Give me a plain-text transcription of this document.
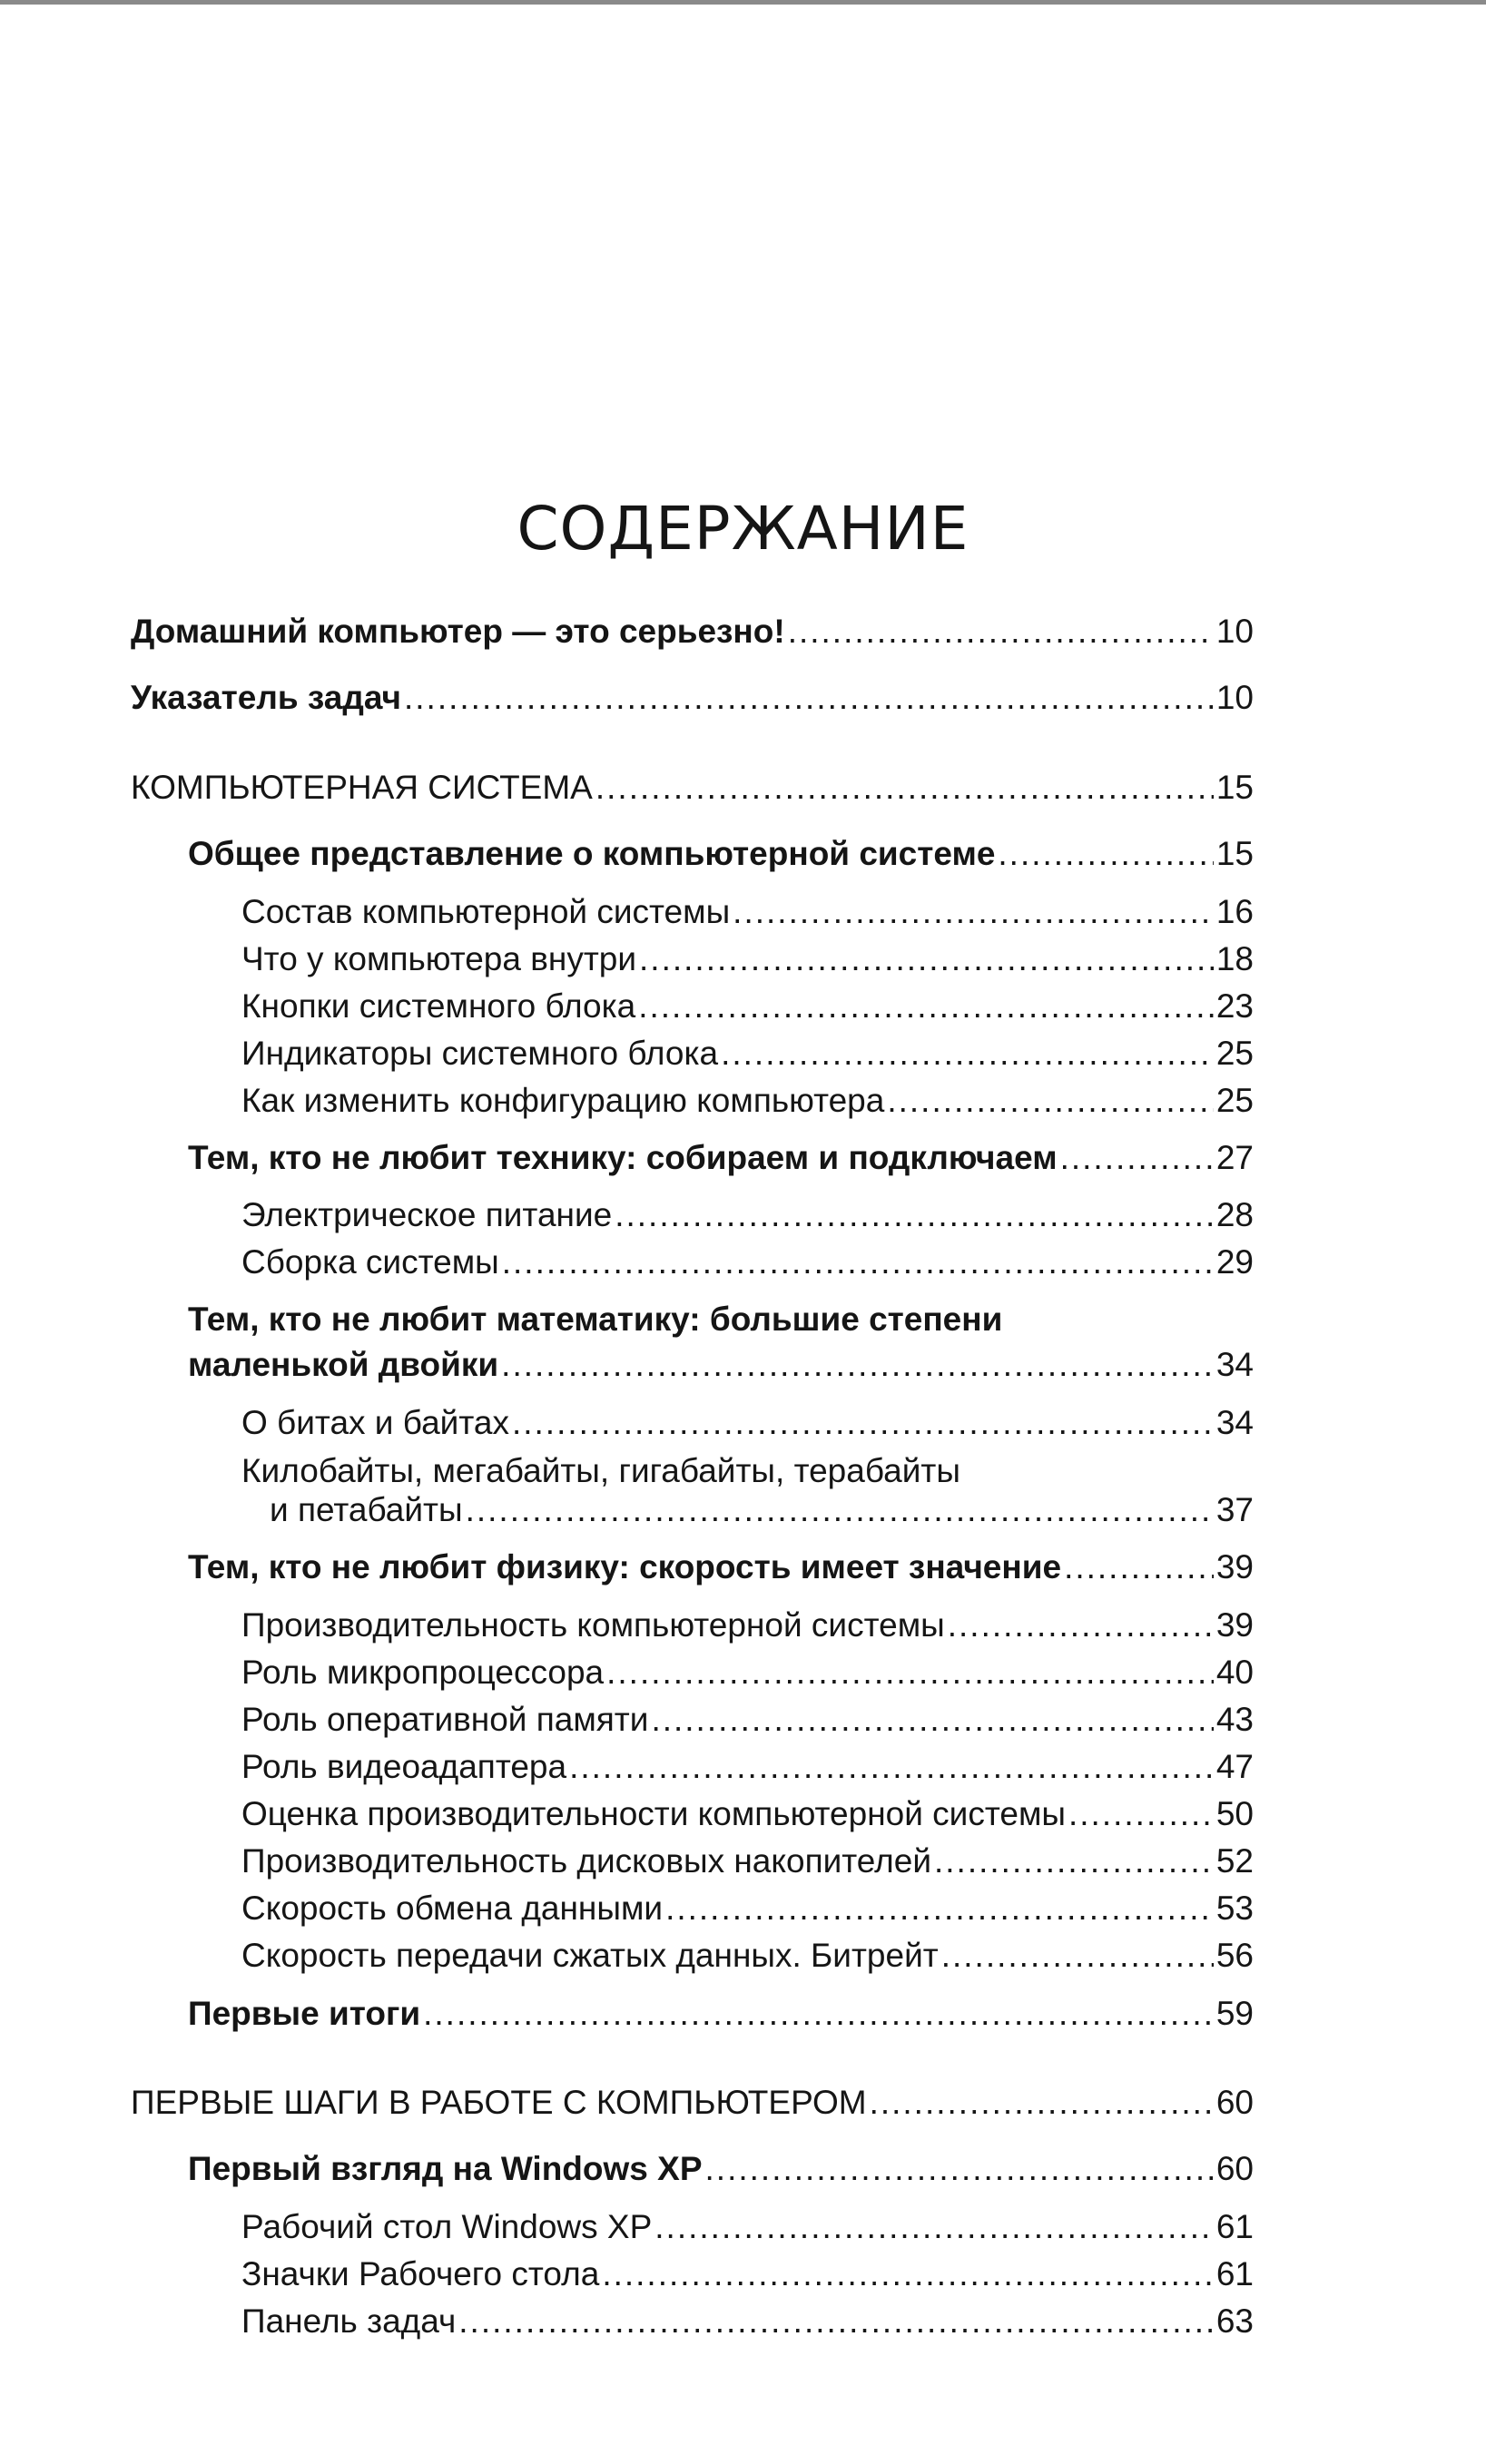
СОДЕРЖАНИЕ
Домашний компьютер — это серьезно! .....	10
Указатель задач .....	10
КОМПЬЮТЕРНАЯ СИСТЕМА .....	15
Общее представление о компьютерной системе .....	15
Состав компьютерной системы .....	16
Что у компьютера внутри .....	18
Кнопки системного блока .....	23
Индикаторы системного блока .....	25
Как изменить конфигурацию компьютера .....	25
Тем, кто не любит технику: собираем и подключаем .....	27
Электрическое питание .....	28
Сборка системы .....	29
Тем, кто не любит математику: большие степени
маленькой двойки .....	34
О битах и байтах .....	34
Килобайты, мегабайты, гигабайты, терабайты
и петабайты .....	37
Тем, кто не любит физику: скорость имеет значение .....	39
Производительность компьютерной системы .....	39
Роль микропроцессора .....	40
Роль оперативной памяти .....	43
Роль видеоадаптера .....	47
Оценка производительности компьютерной системы .....	50
Производительность дисковых накопителей .....	52
Скорость обмена данными .....	53
Скорость передачи сжатых данных. Битрейт .....	56
Первые итоги .....	59
ПЕРВЫЕ ШАГИ В РАБОТЕ С КОМПЬЮТЕРОМ .....	60
Первый взгляд на Windows XP .....	60
Рабочий стол Windows XP .....	61
Значки Рабочего стола .....	61
Панель задач .....	63
